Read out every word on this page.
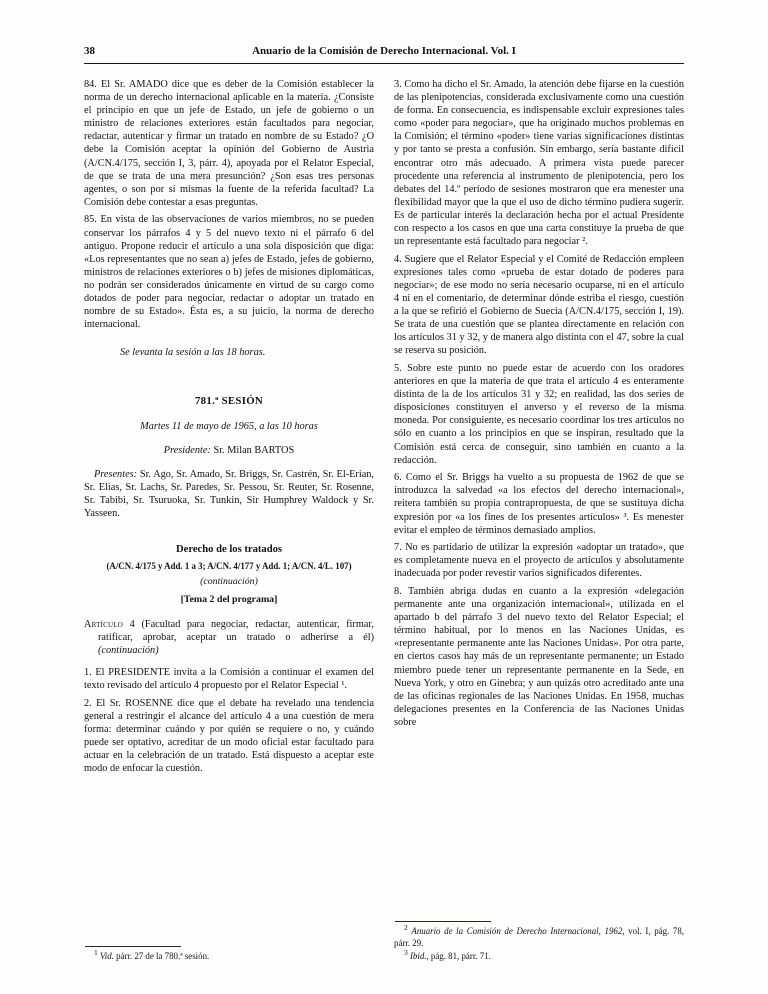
38	Anuario de la Comisión de Derecho Internacional. Vol. I

84. El Sr. AMADO dice que es deber de la Comisión establecer la norma de un derecho internacional aplicable en la materia. ¿Consiste el principio en que un jefe de Estado, un jefe de gobierno o un ministro de relaciones exteriores están facultados para negociar, redactar, autenticar y firmar un tratado en nombre de su Estado? ¿O debe la Comisión aceptar la opinión del Gobierno de Austria (A/CN.4/175, sección I, 3, párr. 4), apoyada por el Relator Especial, de que se trata de una mera presunción? ¿Son esas tres personas agentes, o son por sí mismas la fuente de la referida facultad? La Comisión debe contestar a esas preguntas.

85. En vista de las observaciones de varios miembros, no se pueden conservar los párrafos 4 y 5 del nuevo texto ni el párrafo 6 del antiguo. Propone reducir el artículo a una sola disposición que diga: «Los representantes que no sean a) jefes de Estado, jefes de gobierno, ministros de relaciones exteriores o b) jefes de misiones diplomáticas, no podrán ser considerados únicamente en virtud de su cargo como dotados de poder para negociar, redactar o adoptar un tratado en nombre de su Estado». Ésta es, a su juicio, la norma de derecho internacional.

Se levanta la sesión a las 18 horas.

781.ª SESIÓN

Martes 11 de mayo de 1965, a las 10 horas

Presidente: Sr. Milan BARTOS

Presentes: Sr. Ago, Sr. Amado, Sr. Briggs, Sr. Castrén, Sr. El-Erian, Sr. Elias, Sr. Lachs, Sr. Paredes, Sr. Pessou, Sr. Reuter, Sr. Rosenne, Sr. Tabibi, Sr. Tsuruoka, Sr. Tunkin, Sir Humphrey Waldock y Sr. Yasseen.

Derecho de los tratados

(A/CN. 4/175 y Add. 1 a 3; A/CN. 4/177 y Add. 1; A/CN. 4/L. 107)

(continuación)

[Tema 2 del programa]

Artículo 4 (Facultad para negociar, redactar, autenticar, firmar, ratificar, aprobar, aceptar un tratado o adherirse a él) (continuación)

1. El PRESIDENTE invita a la Comisión a continuar el examen del texto revisado del artículo 4 propuesto por el Relator Especial ¹.

2. El Sr. ROSENNE dice que el debate ha revelado una tendencia general a restringir el alcance del artículo 4 a una cuestión de mera forma: determinar cuándo y por quién se requiere o no, y cuándo puede ser optativo, acreditar de un modo oficial estar facultado para actuar en la celebración de un tratado. Está dispuesto a aceptar este modo de enfocar la cuestión.

$^1$ Vid. párr. 27 de la 780.ª sesión.

3. Como ha dicho el Sr. Amado, la atención debe fijarse en la cuestión de las plenipotencias, considerada exclusivamente como una cuestión de forma. En consecuencia, es indispensable excluir expresiones tales como «poder para negociar», que ha originado muchos problemas en la Comisión; el término «poder» tiene varias significaciones distintas y por tanto se presta a confusión. Sin embargo, sería bastante difícil encontrar otro más adecuado. A primera vista puede parecer procedente una referencia al instrumento de plenipotencia, pero los debates del 14.º período de sesiones mostraron que era menester una flexibilidad mayor que la que el uso de dicho término pudiera sugerir. Es de particular interés la declaración hecha por el actual Presidente con respecto a los casos en que una carta constituye la prueba de que un representante está facultado para negociar ².

4. Sugiere que el Relator Especial y el Comité de Redacción empleen expresiones tales como «prueba de estar dotado de poderes para negociar»; de ese modo no sería necesario ocuparse, ni en el artículo 4 ni en el comentario, de determinar dónde estriba el riesgo, cuestión a la que se refirió el Gobierno de Suecia (A/CN.4/175, sección I, 19). Se trata de una cuestión que se plantea directamente en relación con los artículos 31 y 32, y de manera algo distinta con el 47, sobre la cual se reserva su posición.

5. Sobre este punto no puede estar de acuerdo con los oradores anteriores en que la materia de que trata el artículo 4 es enteramente distinta de la de los artículos 31 y 32; en realidad, las dos series de disposiciones constituyen el anverso y el reverso de la misma moneda. Por consiguiente, es necesario coordinar los tres artículos no sólo en cuanto a los principios en que se inspiran, resultado que la Comisión está cerca de conseguir, sino también en cuanto a la redacción.

6. Como el Sr. Briggs ha vuelto a su propuesta de 1962 de que se introduzca la salvedad «a los efectos del derecho internacional», reitera también su propia contrapropuesta, de que se sustituya dicha expresión por «a los fines de los presentes artículos» ³. Es menester evitar el empleo de términos demasiado amplios.

7. No es partidario de utilizar la expresión «adoptar un tratado», que es completamente nueva en el proyecto de artículos y absolutamente inadecuada por poder revestir varios significados diferentes.

8. También abriga dudas en cuanto a la expresión «delegación permanente ante una organización internacional», utilizada en el apartado b del párrafo 3 del nuevo texto del Relator Especial; el término habitual, por lo menos en las Naciones Unidas, es «representante permanente ante las Naciones Unidas». Por otra parte, en ciertos casos hay más de un representante permanente; un Estado miembro puede tener un representante permanente en la Sede, en Nueva York, y otro en Ginebra; y aun quizás otro acreditado ante una de las oficinas regionales de las Naciones Unidas. En 1958, muchas delegaciones presentes en la Conferencia de las Naciones Unidas sobre

$^2$ Anuario de la Comisión de Derecho Internacional, 1962, vol. I, pág. 78, párr. 29.

$^3$ Ibid., pág. 81, párr. 71.
